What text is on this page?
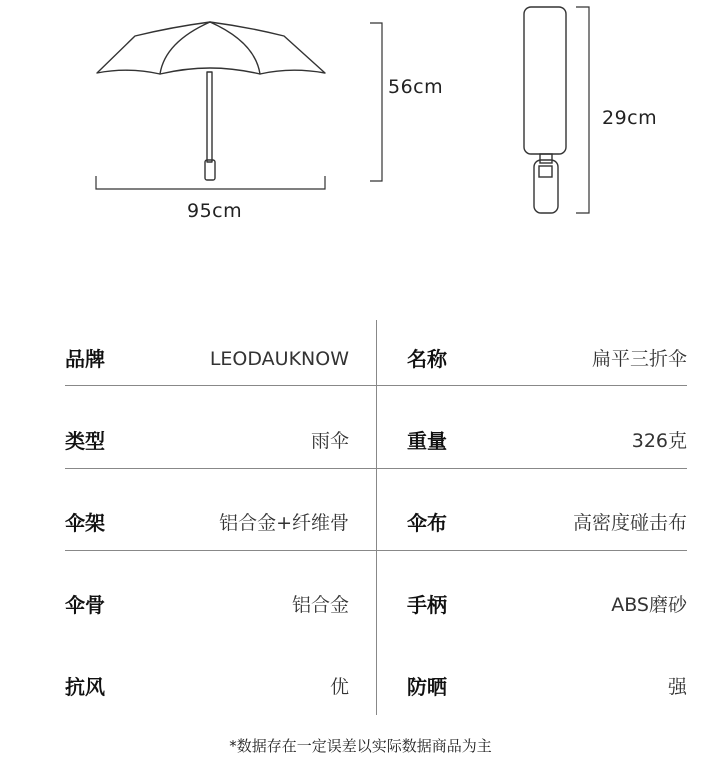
56cm
95cm
29cm
品牌	LEODAUKNOW	名称	扁平三折伞
类型	雨伞	重量	326克
伞架	铝合金+纤维骨	伞布	高密度碰击布
伞骨	铝合金	手柄	ABS磨砂
抗风	优	防晒	强
*数据存在一定误差以实际数据商品为主
